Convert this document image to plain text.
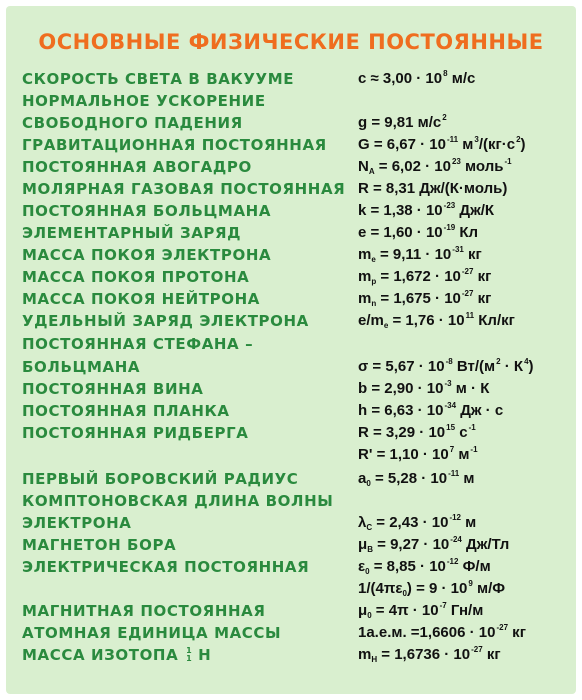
ОСНОВНЫЕ ФИЗИЧЕСКИЕ ПОСТОЯННЫЕ
СКОРОСТЬ СВЕТА В ВАКУУМЕ	$c \approx 3,00 \cdot 10^8$ м/с
НОРМАЛЬНОЕ УСКОРЕНИЕ
СВОБОДНОГО ПАДЕНИЯ	g = 9,81 $м/с^2$
ГРАВИТАЦИОННАЯ ПОСТОЯННАЯ $G = 6,67 \cdot 10^{-11}$ $м^3/(кг\cdot с^2)$
ПОСТОЯННАЯ АВОГАДРО	$N_A = 6,02 \cdot 10^{23}$ моль$^{-1}$
МОЛЯРНАЯ ГАЗОВАЯ ПОСТОЯННАЯ R = 8,31 Дж/(К·моль)
ПОСТОЯННАЯ БОЛЬЦМАНА	$k = 1,38 \cdot 10^{-23}$ Дж/К
ЭЛЕМЕНТАРНЫЙ ЗАРЯД	$e = 1,60 \cdot 10^{-19}$ Кл
МАССА ПОКОЯ ЭЛЕКТРОНА	$m_e = 9,11 \cdot 10^{-31}$ кг
МАССА ПОКОЯ ПРОТОНА	$m_p = 1,672 \cdot 10^{-27}$ кг
МАССА ПОКОЯ НЕЙТРОНА	$m_n = 1,675 \cdot 10^{-27}$ кг
УДЕЛЬНЫЙ ЗАРЯД ЭЛЕКТРОНА	$e/m_e = 1,76 \cdot 10^{11}$ Кл/кг
ПОСТОЯННАЯ СТЕФАНА –
БОЛЬЦМАНА	$\sigma = 5,67 \cdot 10^{-8}$ $Вт/(м^2 \cdot К^4)$
ПОСТОЯННАЯ ВИНА	$b = 2,90 \cdot 10^{-3}$ м · К
ПОСТОЯННАЯ ПЛАНКА	$h = 6,63 \cdot 10^{-34}$ Дж · с
ПОСТОЯННАЯ РИДБЕРГА	$R = 3,29 \cdot 10^{15}$ $с^{-1}$
$R' = 1,10 \cdot 10^7$ $м^{-1}$
ПЕРВЫЙ БОРОВСКИЙ РАДИУС	$a_0 = 5,28 \cdot 10^{-11}$ м
КОМПТОНОВСКАЯ ДЛИНА ВОЛНЫ
ЭЛЕКТРОНА	$\lambda_C = 2,43 \cdot 10^{-12}$ м
МАГНЕТОН БОРА	$\mu_B = 9,27 \cdot 10^{-24}$ Дж/Тл
ЭЛЕКТРИЧЕСКАЯ ПОСТОЯННАЯ	$\varepsilon_0 = 8,85 \cdot 10^{-12}$ Ф/м
$1/(4\pi\varepsilon_0) = 9 \cdot 10^9$ м/Ф
МАГНИТНАЯ ПОСТОЯННАЯ	$\mu_0 = 4\pi \cdot 10^{-7}$ Гн/м
АТОМНАЯ ЕДИНИЦА МАССЫ	1а.е.м. $=1,6606 \cdot 10^{-27}$ кг
МАССА ИЗОТОПА 1
1 Н	$m_H = 1,6736 \cdot 10^{-27}$ кг
